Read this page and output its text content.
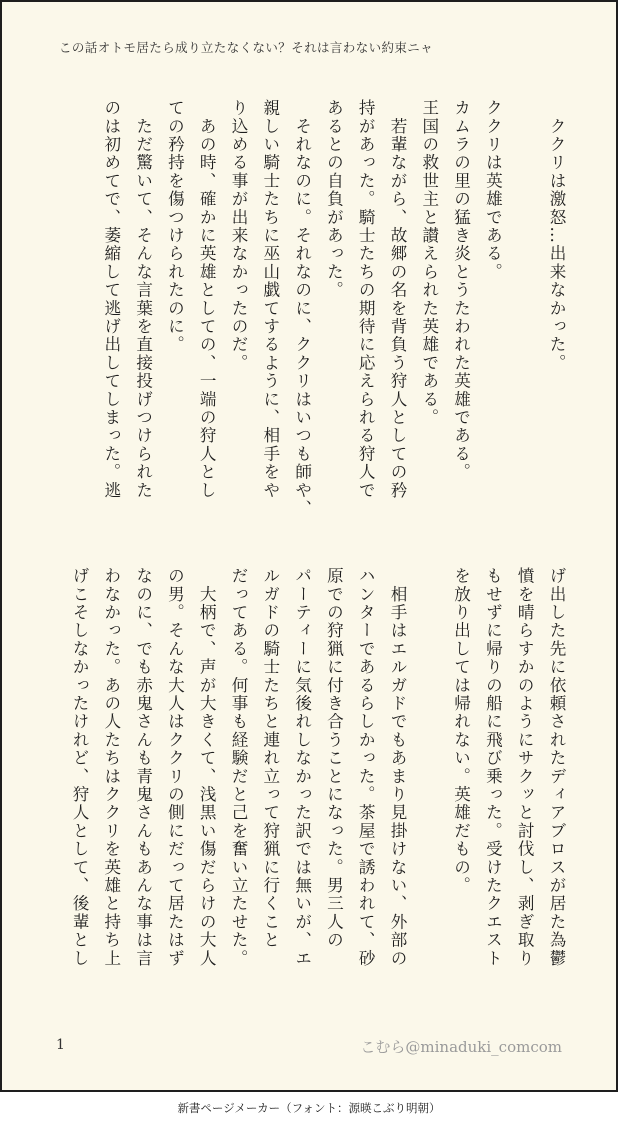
この話オトモ居たら成り立たなくない？それは言わない約束ニャ

　ククリは激怒…出来なかった。

ククリは英雄である。

カムラの里の猛き炎とうたわれた英雄である。

王国の救世主と讃えられた英雄である。

　若輩ながら、故郷の名を背負う狩人としての矜

持があった。騎士たちの期待に応えられる狩人で

あるとの自負があった。

　それなのに。それなのに、ククリはいつも師や、

親しい騎士たちに巫山戯てするように、相手をや

り込める事が出来なかったのだ。

　あの時、確かに英雄としての、一端の狩人とし

ての矜持を傷つけられたのに。

　ただ驚いて、そんな言葉を直接投げつけられた

のは初めてで、萎縮して逃げ出してしまった。逃

げ出した先に依頼されたディアブロスが居た為鬱

憤を晴らすかのようにサクッと討伐し、剥ぎ取り

もせずに帰りの船に飛び乗った。受けたクエスト

を放り出しては帰れない。英雄だもの。

　相手はエルガドでもあまり見掛けない、外部の

ハンターであるらしかった。茶屋で誘われて、砂

原での狩猟に付き合うことになった。男三人の

パーティーに気後れしなかった訳では無いが、エ

ルガドの騎士たちと連れ立って狩猟に行くこと

だってある。何事も経験だと己を奮い立たせた。

　大柄で、声が大きくて、浅黒い傷だらけの大人

の男。そんな大人はククリの側にだって居たはず

なのに、でも赤鬼さんも青鬼さんもあんな事は言

わなかった。あの人たちはククリを英雄と持ち上

げこそしなかったけれど、狩人として、後輩とし

1	こむら@minaduki_comcom
新書ページメーカー（フォント：源暎こぶり明朝）
